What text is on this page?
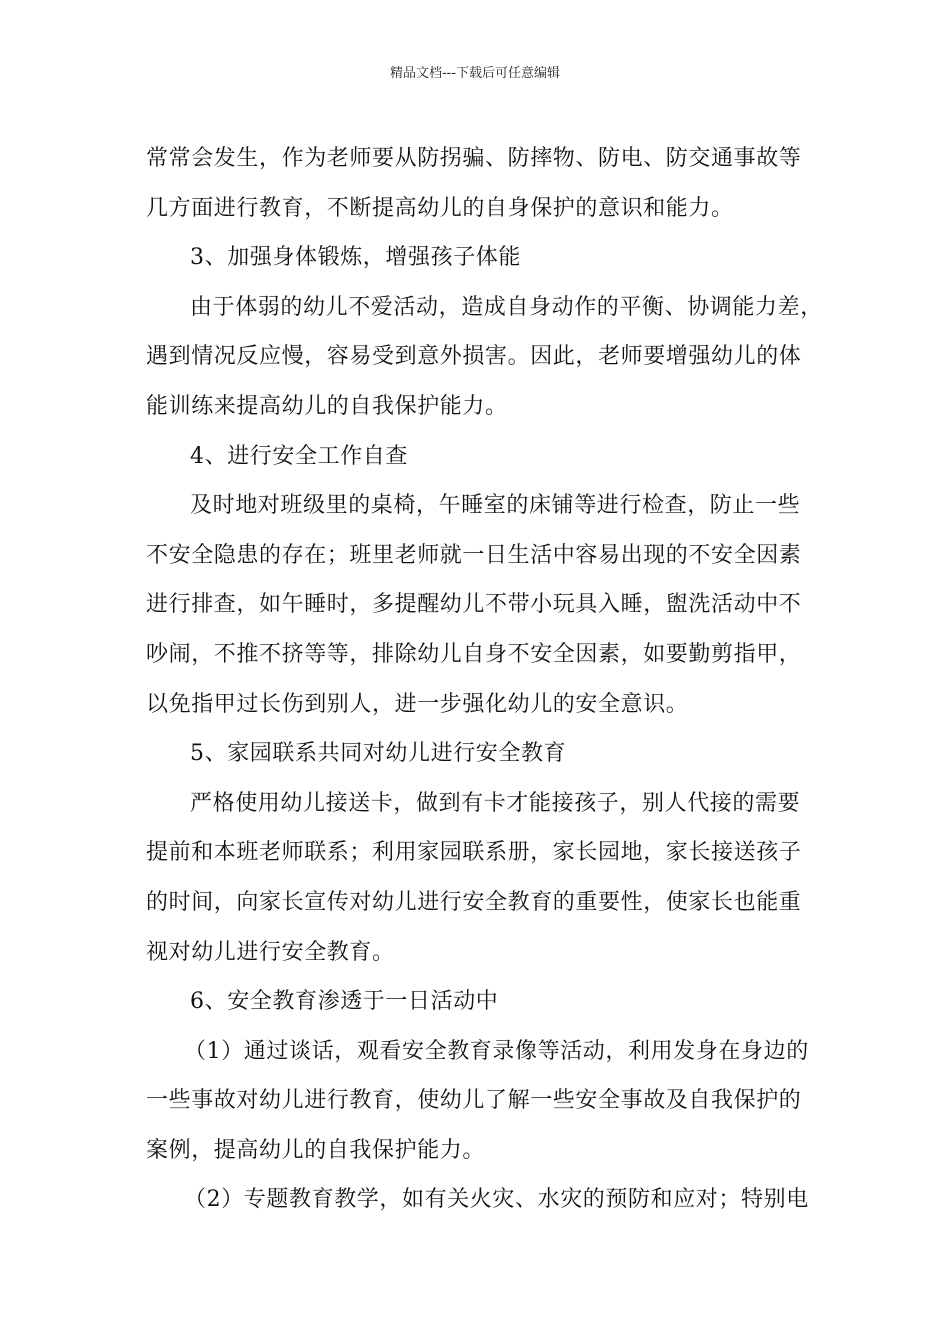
精品文档---下载后可任意编辑
常常会发生，作为老师要从防拐骗、防摔物、防电、防交通事故等
几方面进行教育，不断提高幼儿的自身保护的意识和能力。
3、加强身体锻炼，增强孩子体能
由于体弱的幼儿不爱活动，造成自身动作的平衡、协调能力差，
遇到情况反应慢，容易受到意外损害。因此，老师要增强幼儿的体
能训练来提高幼儿的自我保护能力。
4、进行安全工作自查
及时地对班级里的桌椅，午睡室的床铺等进行检查，防止一些
不安全隐患的存在；班里老师就一日生活中容易出现的不安全因素
进行排查，如午睡时，多提醒幼儿不带小玩具入睡，盥洗活动中不
吵闹，不推不挤等等，排除幼儿自身不安全因素，如要勤剪指甲，
以免指甲过长伤到别人，进一步强化幼儿的安全意识。
5、家园联系共同对幼儿进行安全教育
严格使用幼儿接送卡，做到有卡才能接孩子，别人代接的需要
提前和本班老师联系；利用家园联系册，家长园地，家长接送孩子
的时间，向家长宣传对幼儿进行安全教育的重要性，使家长也能重
视对幼儿进行安全教育。
6、安全教育渗透于一日活动中
（1）通过谈话，观看安全教育录像等活动，利用发身在身边的
一些事故对幼儿进行教育，使幼儿了解一些安全事故及自我保护的
案例，提高幼儿的自我保护能力。
（2）专题教育教学，如有关火灾、水灾的预防和应对；特别电
